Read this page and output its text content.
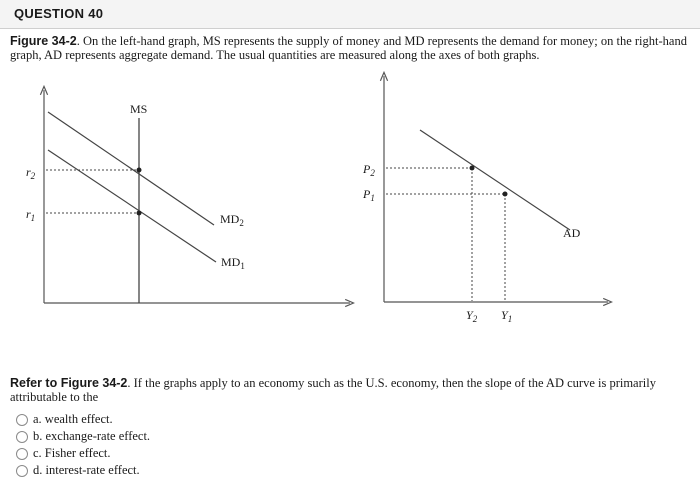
QUESTION 40
Figure 34-2. On the left-hand graph, MS represents the supply of money and MD represents the demand for money; on the right-hand graph, AD represents aggregate demand. The usual quantities are measured along the axes of both graphs.
MS
$r_2$
$r_1$	$MD_2$
$MD_1$
$P_2$
$P_1$
$Y_2$ $Y_1$
AD
Refer to Figure 34-2. If the graphs apply to an economy such as the U.S. economy, then the slope of the AD curve is primarily attributable to the
a. wealth effect.
b. exchange-rate effect.
c. Fisher effect.
d. interest-rate effect.
